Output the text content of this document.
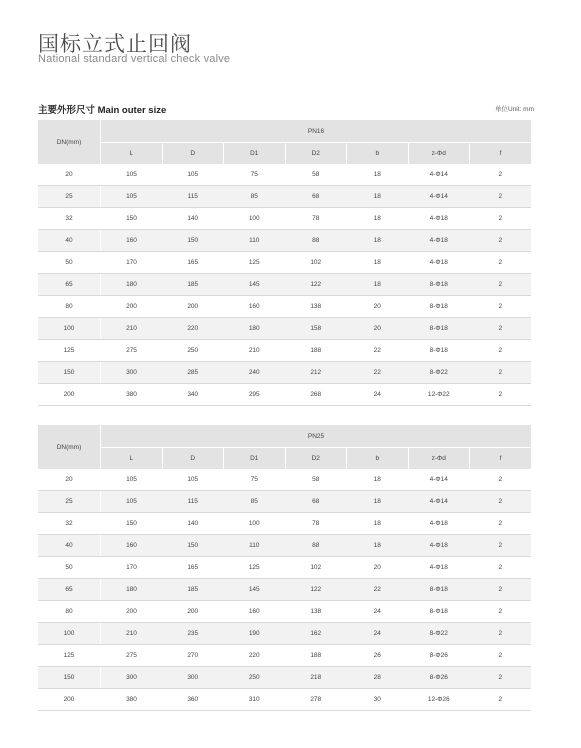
国标立式止回阀
National standard vertical check valve
主要外形尺寸 Main outer size	单位Unit: mm
DN(mm)	PN16						
	L	D	D1	D2	b	z-Φd	f
20	105	105	75	58	18	4-Φ14	2
25	105	115	85	68	18	4-Φ14	2
32	150	140	100	78	18	4-Φ18	2
40	160	150	110	88	18	4-Φ18	2
50	170	165	125	102	18	4-Φ18	2
65	180	185	145	122	18	8-Φ18	2
80	200	200	160	138	20	8-Φ18	2
100	210	220	180	158	20	8-Φ18	2
125	275	250	210	188	22	8-Φ18	2
150	300	285	240	212	22	8-Φ22	2
200	380	340	295	268	24	12-Φ22	2
DN(mm)	PN25						
	L	D	D1	D2	b	z-Φd	f
20	105	105	75	58	18	4-Φ14	2
25	105	115	85	68	18	4-Φ14	2
32	150	140	100	78	18	4-Φ18	2
40	160	150	110	88	18	4-Φ18	2
50	170	165	125	102	20	4-Φ18	2
65	180	185	145	122	22	8-Φ18	2
80	200	200	160	138	24	8-Φ18	2
100	210	235	190	162	24	8-Φ22	2
125	275	270	220	188	26	8-Φ26	2
150	300	300	250	218	28	8-Φ26	2
200	380	360	310	278	30	12-Φ26	2
